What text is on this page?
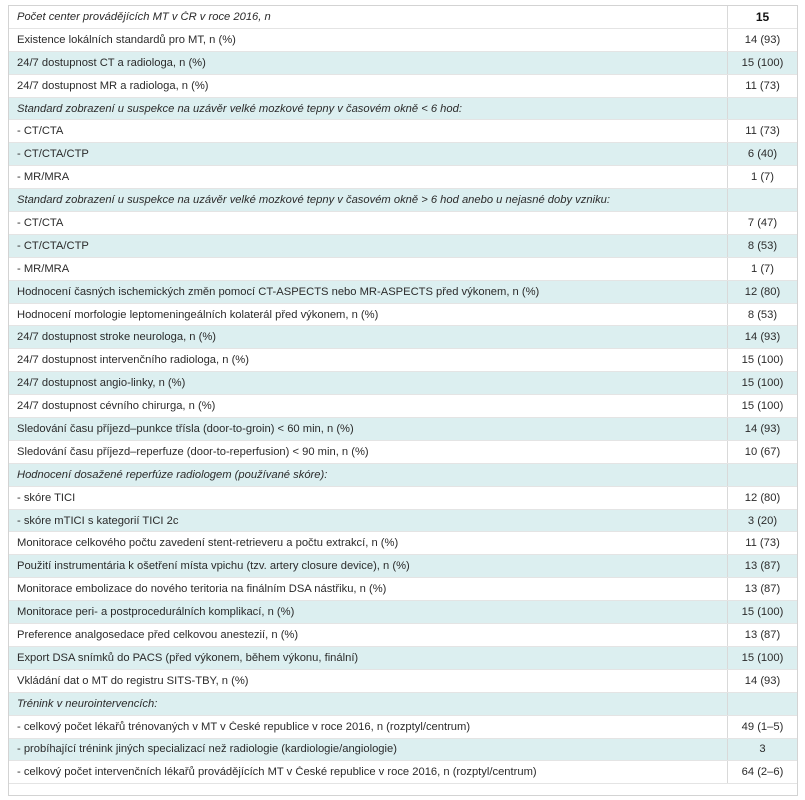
Počet center provádějících MT v ČR v roce 2016, n	15
Existence lokálních standardů pro MT, n (%)	14 (93)
24/7 dostupnost CT a radiologa, n (%)	15 (100)
24/7 dostupnost MR a radiologa, n (%)	11 (73)
Standard zobrazení u suspekce na uzávěr velké mozkové tepny v časovém okně < 6 hod:
- CT/CTA	11 (73)
- CT/CTA/CTP	6 (40)
- MR/MRA	1 (7)
Standard zobrazení u suspekce na uzávěr velké mozkové tepny v časovém okně > 6 hod anebo u nejasné doby vzniku:
- CT/CTA	7 (47)
- CT/CTA/CTP	8 (53)
- MR/MRA	1 (7)
Hodnocení časných ischemických změn pomocí CT-ASPECTS nebo MR-ASPECTS před výkonem, n (%)	12 (80)
Hodnocení morfologie leptomeningeálních kolaterál před výkonem, n (%)	8 (53)
24/7 dostupnost stroke neurologa, n (%)	14 (93)
24/7 dostupnost intervenčního radiologa, n (%)	15 (100)
24/7 dostupnost angio-linky, n (%)	15 (100)
24/7 dostupnost cévního chirurga, n (%)	15 (100)
Sledování času příjezd–punkce třísla (door-to-groin) < 60 min, n (%)	14 (93)
Sledování času příjezd–reperfuze (door-to-reperfusion) < 90 min, n (%)	10 (67)
Hodnocení dosažené reperfúze radiologem (používané skóre):
- skóre TICI	12 (80)
- skóre mTICI s kategorií TICI 2c	3 (20)
Monitorace celkového počtu zavedení stent-retrieveru a počtu extrakcí, n (%)	11 (73)
Použití instrumentária k ošetření místa vpichu (tzv. artery closure device), n (%)	13 (87)
Monitorace embolizace do nového teritoria na finálním DSA nástřiku, n (%)	13 (87)
Monitorace peri- a postprocedurálních komplikací, n (%)	15 (100)
Preference analgosedace před celkovou anestezií, n (%)	13 (87)
Export DSA snímků do PACS (před výkonem, během výkonu, finální)	15 (100)
Vkládání dat o MT do registru SITS-TBY, n (%)	14 (93)
Trénink v neurointervencích:
- celkový počet lékařů trénovaných v MT v České republice v roce 2016, n (rozptyl/centrum)	49 (1–5)
- probíhající trénink jiných specializací než radiologie (kardiologie/angiologie)	3
- celkový počet intervenčních lékařů provádějících MT v České republice v roce 2016, n (rozptyl/centrum)	64 (2–6)
